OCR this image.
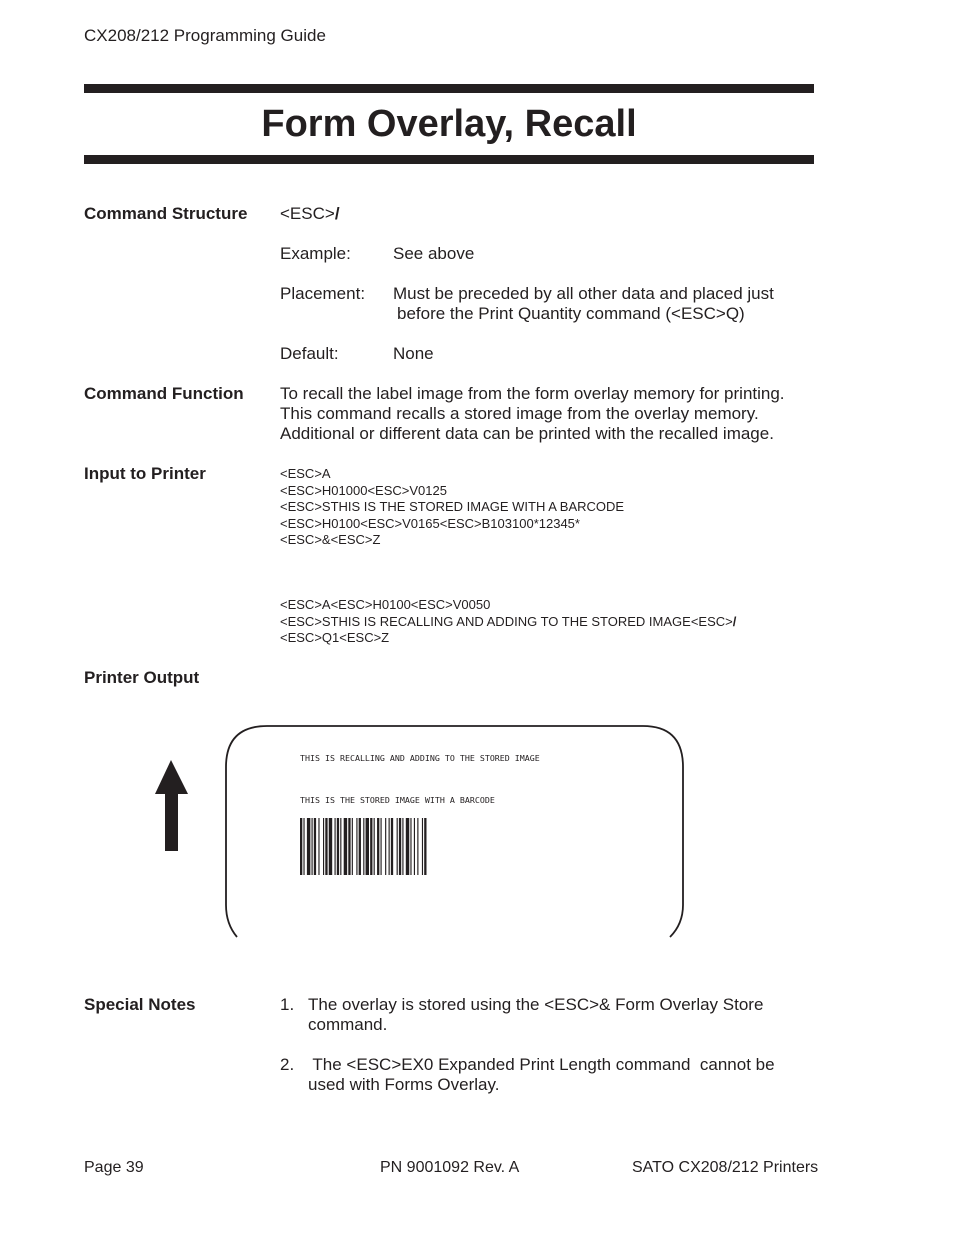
CX208/212 Programming Guide
Form Overlay, Recall
Command Structure <ESC>/
Example: See above
Placement: Must be preceded by all other data and placed just
before the Print Quantity command (<ESC>Q)
Default:	None
Command Function To recall the label image from the form overlay memory for printing.
This command recalls a stored image from the overlay memory.
Additional or different data can be printed with the recalled image.
Input to Printer	<ESC>A
<ESC>H01000<ESC>V0125
<ESC>STHIS IS THE STORED IMAGE WITH A BARCODE
<ESC>H0100<ESC>V0165<ESC>B103100*12345*
<ESC>&<ESC>Z
<ESC>A<ESC>H0100<ESC>V0050
<ESC>STHIS IS RECALLING AND ADDING TO THE STORED IMAGE<ESC>/
<ESC>Q1<ESC>Z
Printer Output
THIS IS RECALLING AND ADDING TO THE STORED IMAGE
THIS IS THE STORED IMAGE WITH A BARCODE
Special Notes	1. The overlay is stored using the <ESC>& Form Overlay Store
command.
2. The <ESC>EX0 Expanded Print Length command  cannot be
used with Forms Overlay.
Page 39	PN 9001092 Rev. A	SATO CX208/212 Printers
